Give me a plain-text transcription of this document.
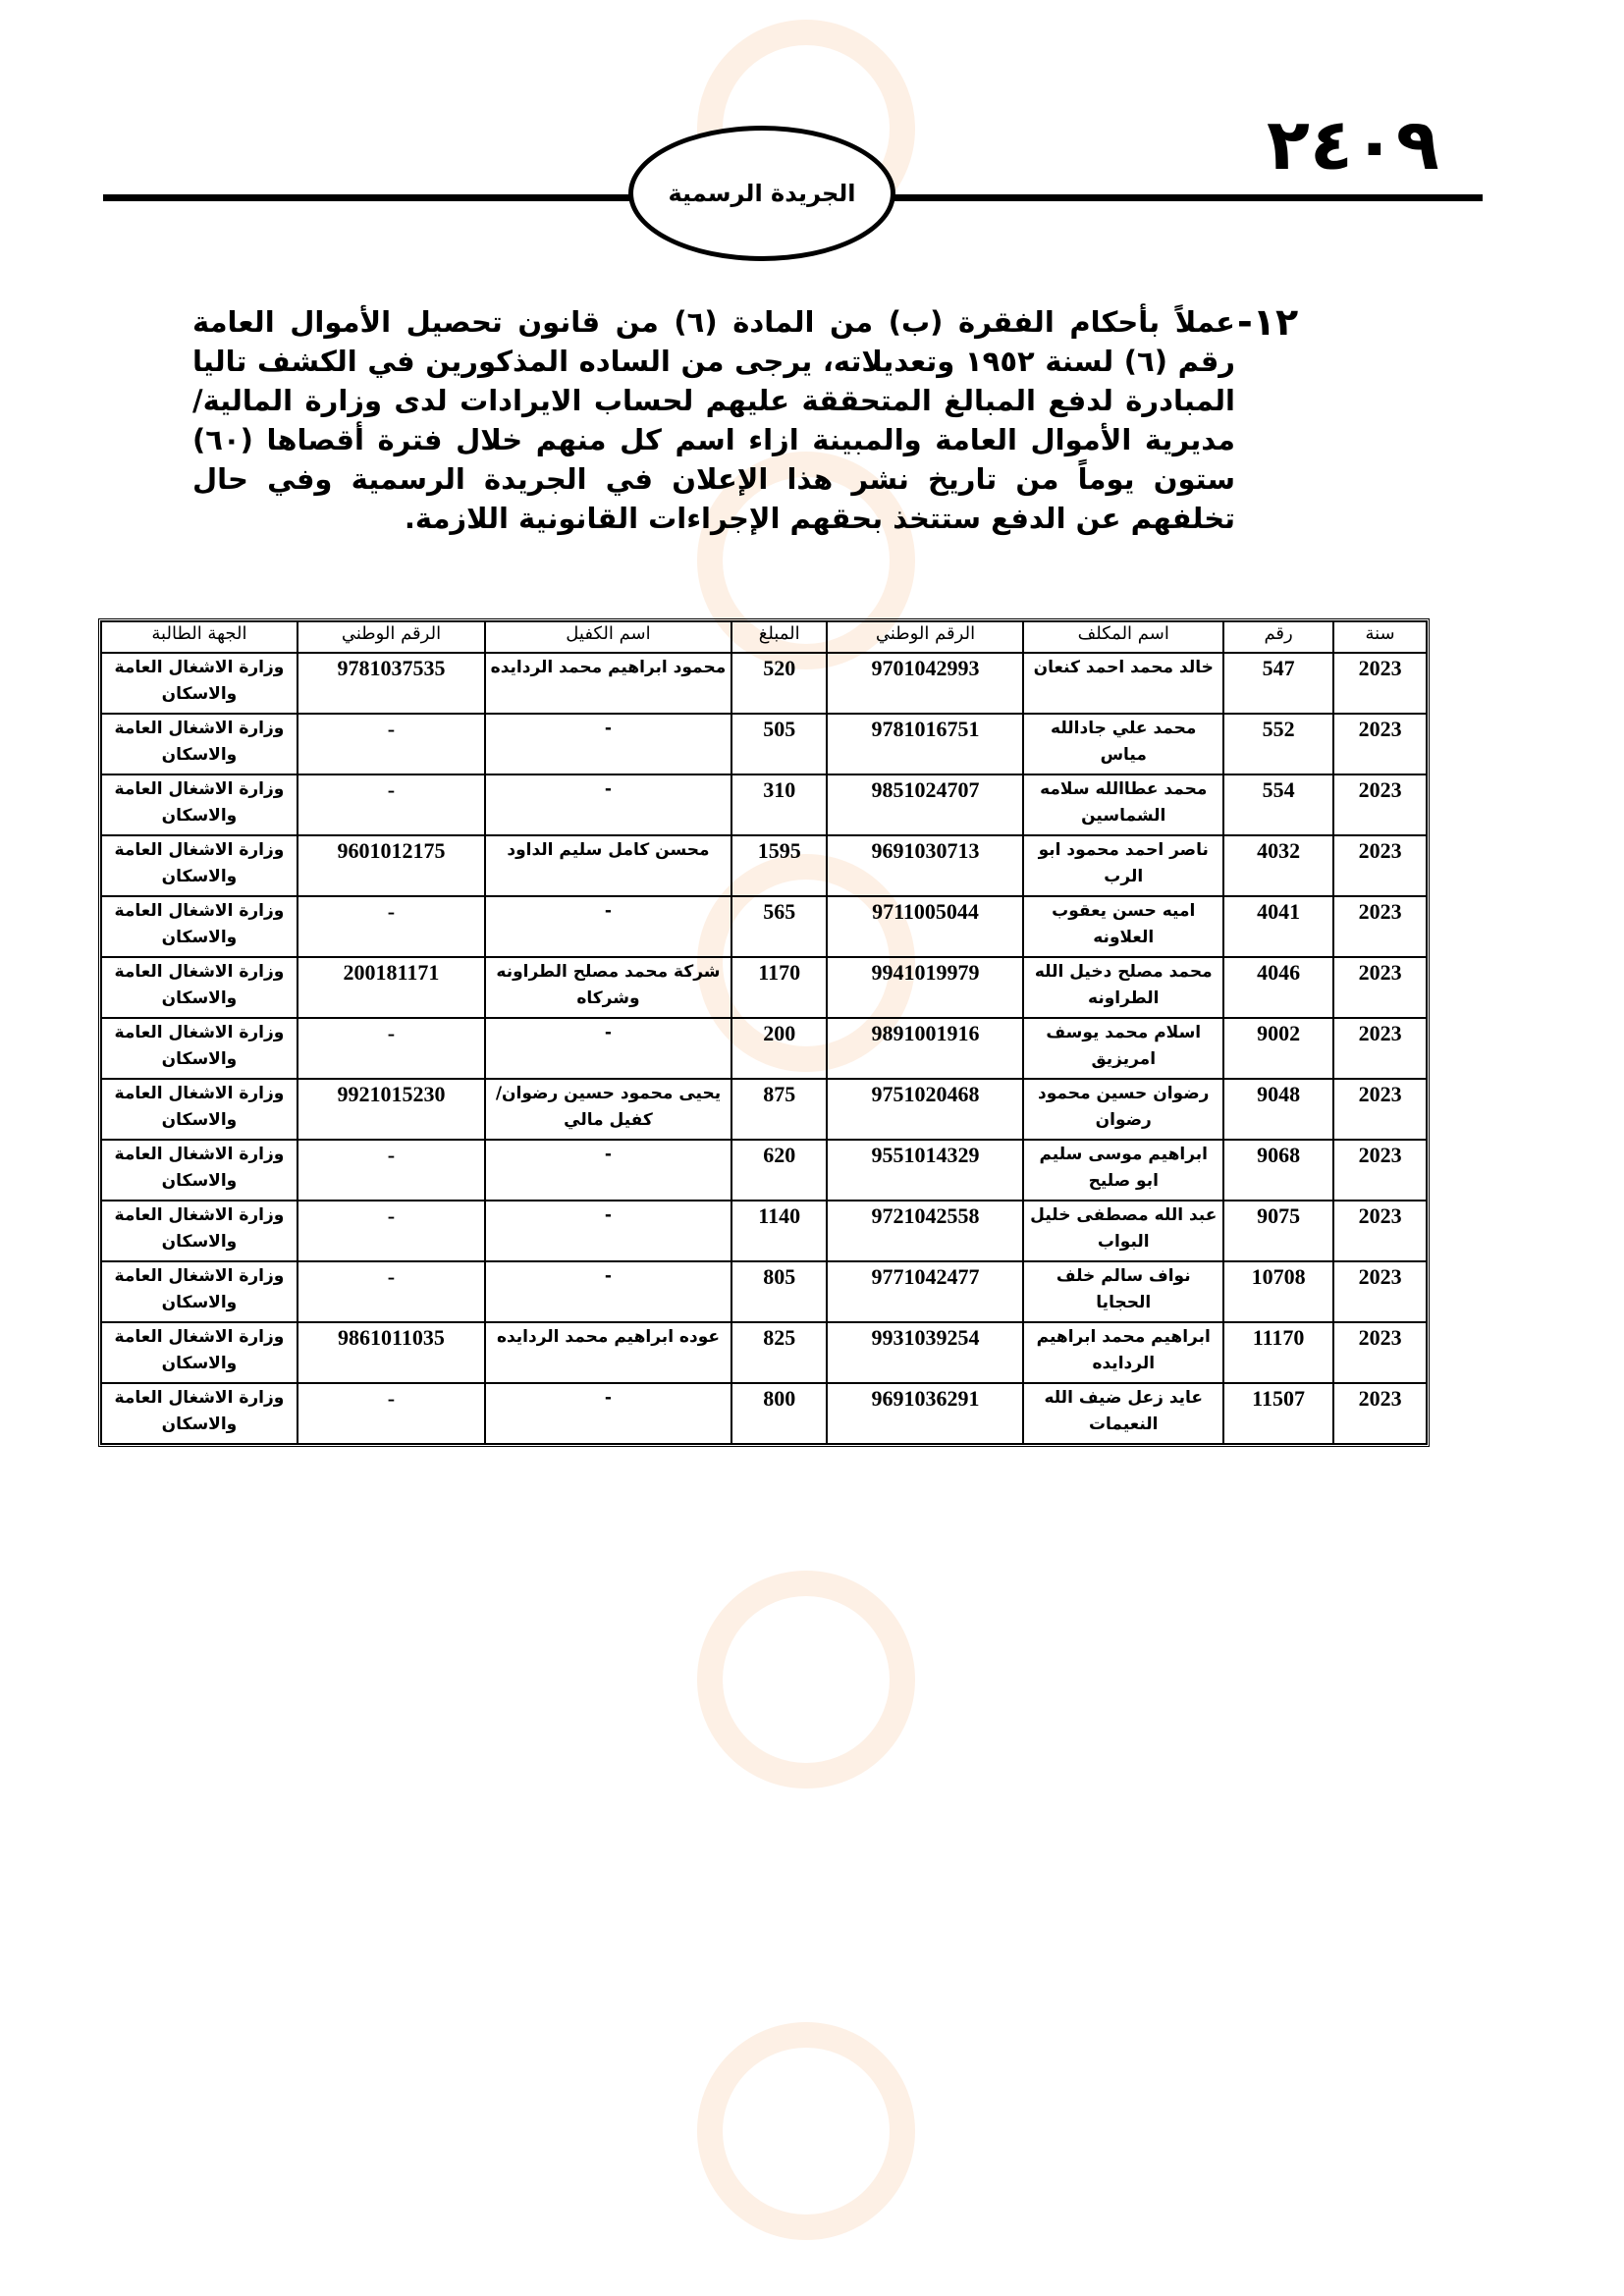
٢٤٠٩
الجريدة الرسمية
١٢-
عملاً بأحكام الفقرة (ب) من المادة (٦) من قانون تحصيل الأموال العامة رقم (٦) لسنة ١٩٥٢ وتعديلاته، يرجى من الساده المذكورين في الكشف تاليا المبادرة لدفع المبالغ المتحققة عليهم لحساب الايرادات لدى وزارة المالية/ مديرية الأموال العامة والمبينة ازاء اسم كل منهم خلال فترة أقصاها (٦٠) ستون يوماً من تاريخ نشر هذا الإعلان في الجريدة الرسمية وفي حال تخلفهم عن الدفع ستتخذ بحقهم الإجراءات القانونية اللازمة.
سنة	رقم	اسم المكلف	الرقم الوطني	المبلغ	اسم الكفيل	الرقم الوطني	الجهة الطالبة
2023	547	خالد محمد احمد كنعان	9701042993	520	محمود ابراهيم محمد الردايده	9781037535	وزارة الاشغال العامة والاسكان
2023	552	محمد علي جادالله مياس	9781016751	505	-	-	وزارة الاشغال العامة والاسكان
2023	554	محمد عطاالله سلامه الشماسين	9851024707	310	-	-	وزارة الاشغال العامة والاسكان
2023	4032	ناصر احمد محمود ابو الرب	9691030713	1595	محسن كامل سليم الداود	9601012175	وزارة الاشغال العامة والاسكان
2023	4041	اميه حسن يعقوب العلاونه	9711005044	565	-	-	وزارة الاشغال العامة والاسكان
2023	4046	محمد مصلح دخيل الله الطراونه	9941019979	1170	شركة محمد مصلح الطراونه وشركاه	200181171	وزارة الاشغال العامة والاسكان
2023	9002	اسلام محمد يوسف امريزيق	9891001916	200	-	-	وزارة الاشغال العامة والاسكان
2023	9048	رضوان حسين محمود رضوان	9751020468	875	يحيى محمود حسين رضوان/ كفيل مالي	9921015230	وزارة الاشغال العامة والاسكان
2023	9068	ابراهيم موسى سليم ابو صليح	9551014329	620	-	-	وزارة الاشغال العامة والاسكان
2023	9075	عبد الله مصطفى خليل البواب	9721042558	1140	-	-	وزارة الاشغال العامة والاسكان
2023	10708	نواف سالم خلف الحجايا	9771042477	805	-	-	وزارة الاشغال العامة والاسكان
2023	11170	ابراهيم محمد ابراهيم الردايده	9931039254	825	عوده ابراهيم محمد الردايده	9861011035	وزارة الاشغال العامة والاسكان
2023	11507	عايد زعل ضيف الله النعيمات	9691036291	800	-	-	وزارة الاشغال العامة والاسكان
